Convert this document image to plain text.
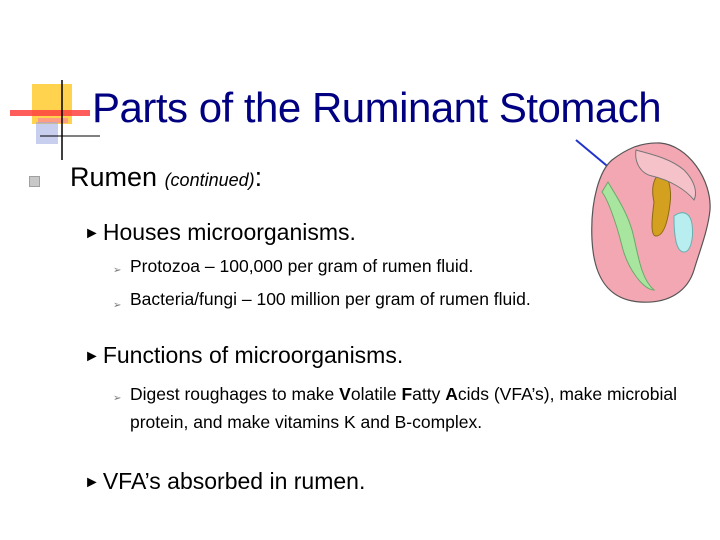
Parts of the Ruminant Stomach
Rumen (continued):
► Houses microorganisms.
➢ Protozoa – 100,000 per gram of rumen fluid.
➢ Bacteria/fungi – 100 million per gram of rumen fluid.
► Functions of microorganisms.
➢ Digest roughages to make Volatile Fatty Acids (VFA’s), make microbial protein, and make vitamins K and B-complex.
► VFA’s absorbed in rumen.
